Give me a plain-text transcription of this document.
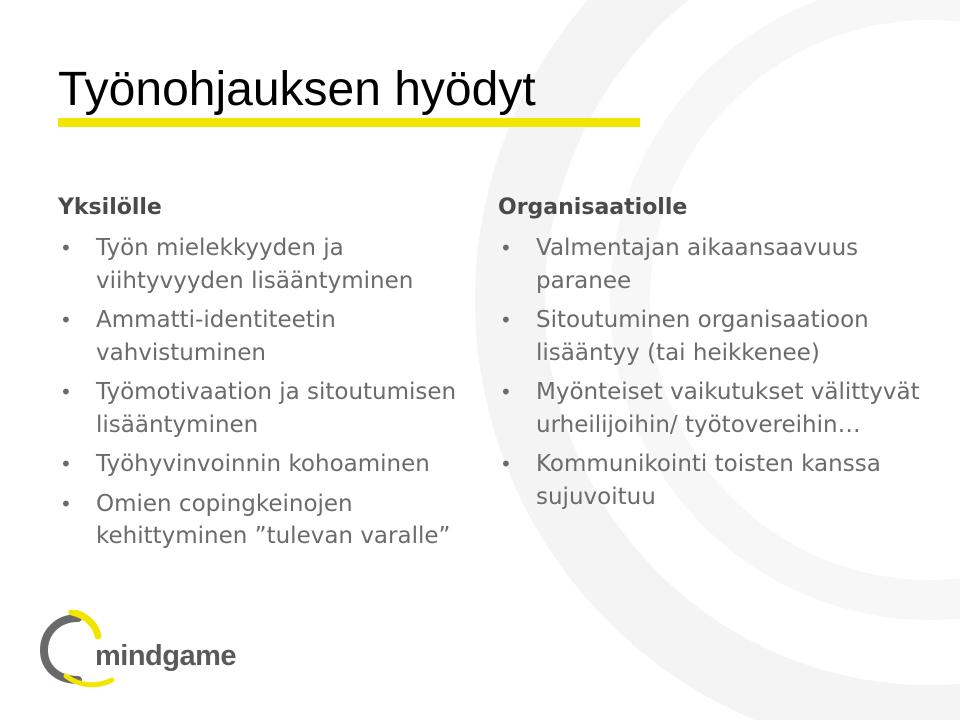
Työnohjauksen hyödyt
Yksilölle
• Työn mielekkyyden ja viihtyvyyden lisääntyminen
• Ammatti-identiteetin vahvistuminen
• Työmotivaation ja sitoutumisen lisääntyminen
• Työhyvinvoinnin kohoaminen
• Omien copingkeinojen kehittyminen ”tulevan varalle”
Organisaatiolle
• Valmentajan aikaansaavuus paranee
• Sitoutuminen organisaatioon lisääntyy (tai heikkenee)
• Myönteiset vaikutukset välittyvät urheilijoihin/ työtovereihin…
• Kommunikointi toisten kanssa sujuvoituu
mindgame
